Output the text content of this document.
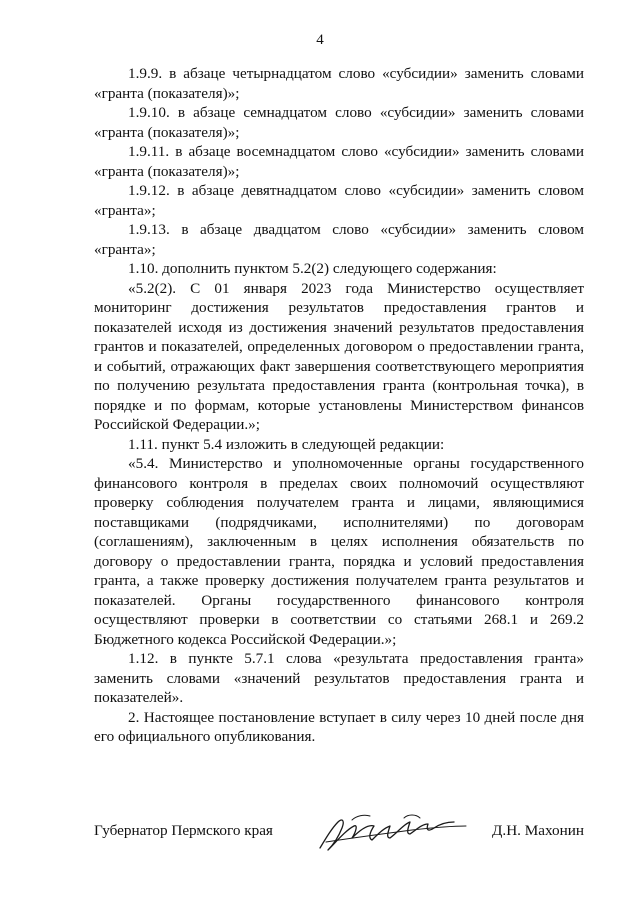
4

1.9.9. в абзаце четырнадцатом слово «субсидии» заменить словами «гранта (показателя)»;

1.9.10. в абзаце семнадцатом слово «субсидии» заменить словами «гранта (показателя)»;

1.9.11. в абзаце восемнадцатом слово «субсидии» заменить словами «гранта (показателя)»;

1.9.12. в абзаце девятнадцатом слово «субсидии» заменить словом «гранта»;

1.9.13. в абзаце двадцатом слово «субсидии» заменить словом «гранта»;

1.10. дополнить пунктом 5.2(2) следующего содержания:

«5.2(2). С 01 января 2023 года Министерство осуществляет мониторинг достижения результатов предоставления грантов и показателей исходя из достижения значений результатов предоставления грантов и показателей, определенных договором о предоставлении гранта, и событий, отражающих факт завершения соответствующего мероприятия по получению результата предоставления гранта (контрольная точка), в порядке и по формам, которые установлены Министерством финансов Российской Федерации.»;

1.11. пункт 5.4 изложить в следующей редакции:

«5.4. Министерство и уполномоченные органы государственного финансового контроля в пределах своих полномочий осуществляют проверку соблюдения получателем гранта и лицами, являющимися поставщиками (подрядчиками, исполнителями) по договорам (соглашениям), заключенным в целях исполнения обязательств по договору о предоставлении гранта, порядка и условий предоставления гранта, а также проверку достижения получателем гранта результатов и показателей. Органы государственного финансового контроля осуществляют проверки в соответствии со статьями 268.1 и 269.2 Бюджетного кодекса Российской Федерации.»;

1.12. в пункте 5.7.1 слова «результата предоставления гранта» заменить словами «значений результатов предоставления гранта и показателей».

2. Настоящее постановление вступает в силу через 10 дней после дня его официального опубликования.

Губернатор Пермского края	Д.Н. Махонин
